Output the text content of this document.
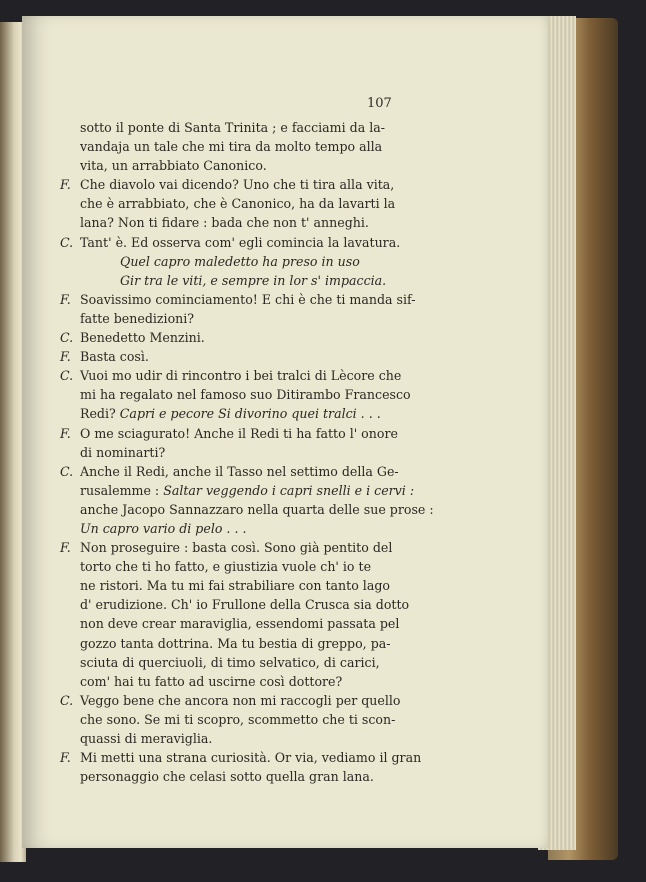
107
sotto il ponte di Santa Trinita ; e facciami da la-
vandaja un tale che mi tira da molto tempo alla
vita, un arrabbiato Canonico.
F. Che diavolo vai dicendo? Uno che ti tira alla vita,
che è arrabbiato, che è Canonico, ha da lavarti la
lana? Non ti fidare : bada che non t' anneghi.
C. Tant' è. Ed osserva com' egli comincia la lavatura.
Quel capro maledetto ha preso in uso
Gir tra le viti, e sempre in lor s' impaccia.
F. Soavissimo cominciamento! E chi è che ti manda sif-
fatte benedizioni?
C. Benedetto Menzini.
F. Basta così.
C. Vuoi mo udir di rincontro i bei tralci di Lècore che
mi ha regalato nel famoso suo Ditirambo Francesco
Redi? Capri e pecore Si divorino quei tralci . . .
F. O me sciagurato! Anche il Redi ti ha fatto l' onore
di nominarti?
C. Anche il Redi, anche il Tasso nel settimo della Ge-
rusalemme : Saltar veggendo i capri snelli e i cervi :
anche Jacopo Sannazzaro nella quarta delle sue prose :
Un capro vario di pelo . . .
F. Non proseguire : basta così. Sono già pentito del
torto che ti ho fatto, e giustizia vuole ch' io te
ne ristori. Ma tu mi fai strabiliare con tanto lago
d' erudizione. Ch' io Frullone della Crusca sia dotto
non deve crear maraviglia, essendomi passata pel
gozzo tanta dottrina. Ma tu bestia di greppo, pa-
sciuta di querciuoli, di timo selvatico, di carici,
com' hai tu fatto ad uscirne così dottore?
C. Veggo bene che ancora non mi raccogli per quello
che sono. Se mi ti scopro, scommetto che ti scon-
quassi di meraviglia.
F. Mi metti una strana curiosità. Or via, vediamo il gran
personaggio che celasi sotto quella gran lana.
